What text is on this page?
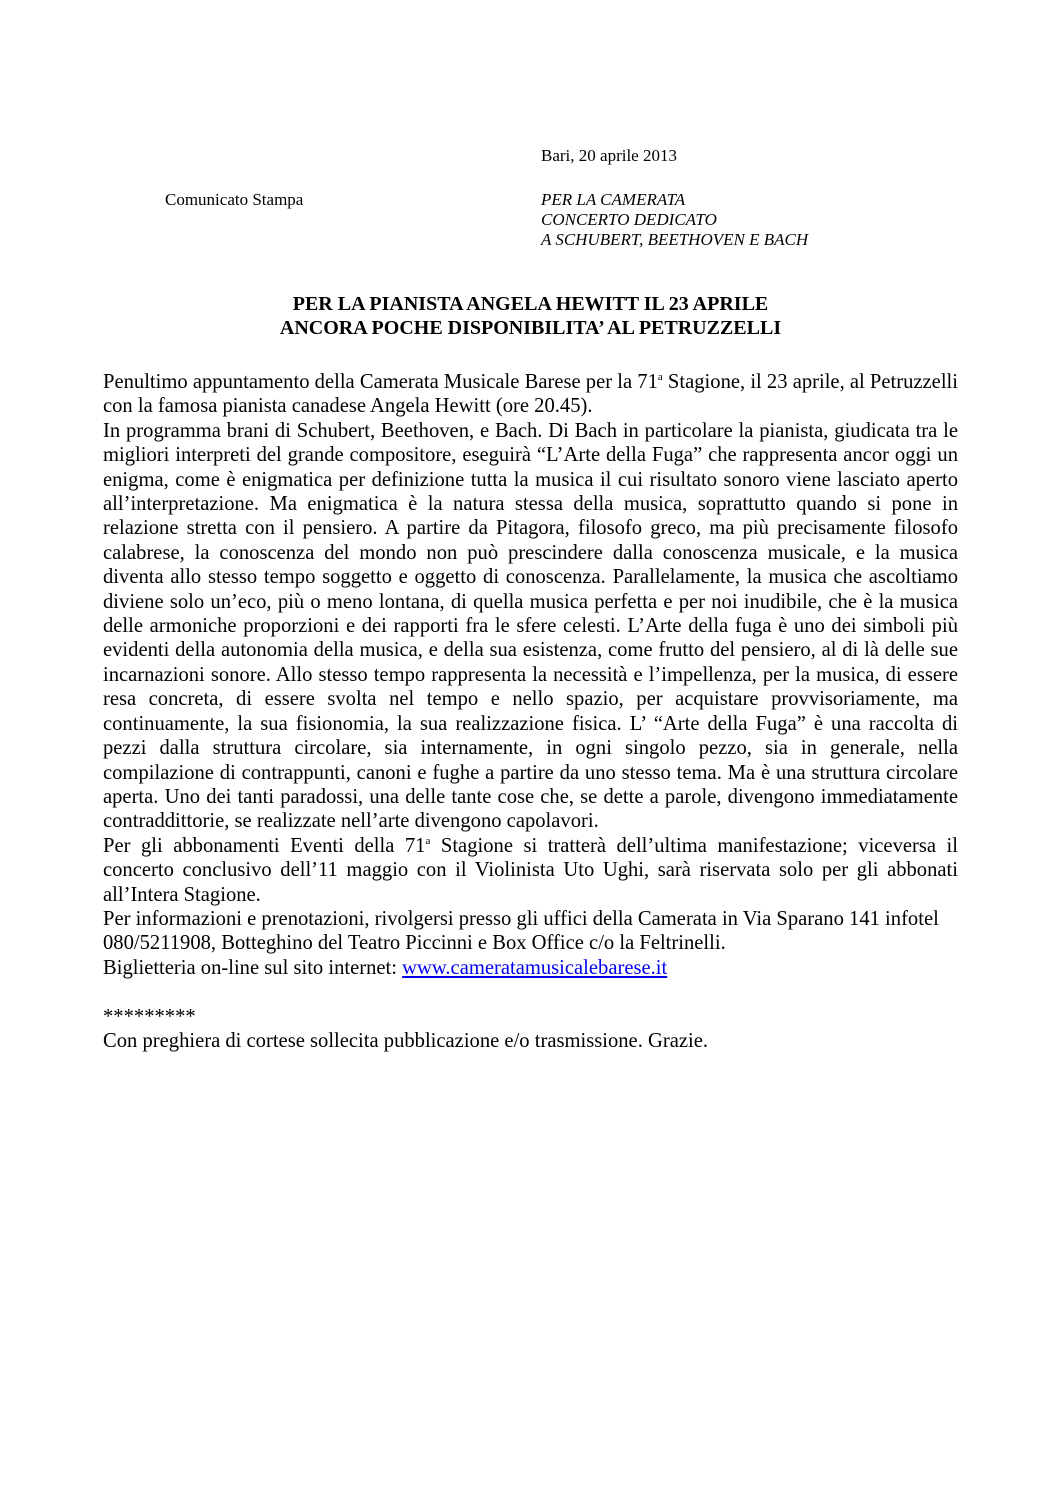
Bari, 20 aprile 2013
Comunicato Stampa	PER LA CAMERATA
CONCERTO DEDICATO
A SCHUBERT, BEETHOVEN E BACH
PER LA PIANISTA ANGELA HEWITT IL 23 APRILE
ANCORA POCHE DISPONIBILITA’ AL PETRUZZELLI

Penultimo appuntamento della Camerata Musicale Barese per la 71$^a$ Stagione, il 23 aprile, al Petruzzelli con la famosa pianista canadese Angela Hewitt (ore 20.45).

In programma brani di Schubert, Beethoven, e Bach. Di Bach in particolare la pianista, giudicata tra le migliori interpreti del grande compositore, eseguirà “L’Arte della Fuga” che rappresenta ancor oggi un enigma, come è enigmatica per definizione tutta la musica il cui risultato sonoro viene lasciato aperto all’interpretazione. Ma enigmatica è la natura stessa della musica, soprattutto quando si pone in relazione stretta con il pensiero. A partire da Pitagora, filosofo greco, ma più precisamente filosofo calabrese, la conoscenza del mondo non può prescindere dalla conoscenza musicale, e la musica diventa allo stesso tempo soggetto e oggetto di conoscenza. Parallelamente, la musica che ascoltiamo diviene solo un’eco, più o meno lontana, di quella musica perfetta e per noi inudibile, che è la musica delle armoniche proporzioni e dei rapporti fra le sfere celesti. L’Arte della fuga è uno dei simboli più evidenti della autonomia della musica, e della sua esistenza, come frutto del pensiero, al di là delle sue incarnazioni sonore. Allo stesso tempo rappresenta la necessità e l’impellenza, per la musica, di essere resa concreta, di essere svolta nel tempo e nello spazio, per acquistare provvisoriamente, ma continuamente, la sua fisionomia, la sua realizzazione fisica. L’ “Arte della Fuga” è una raccolta di pezzi dalla struttura circolare, sia internamente, in ogni singolo pezzo, sia in generale, nella compilazione di contrappunti, canoni e fughe a partire da uno stesso tema. Ma è una struttura circolare aperta. Uno dei tanti paradossi, una delle tante cose che, se dette a parole, divengono immediatamente contraddittorie, se realizzate nell’arte divengono capolavori.

Per gli abbonamenti Eventi della 71$^a$ Stagione si tratterà dell’ultima manifestazione; viceversa il concerto conclusivo dell’11 maggio con il Violinista Uto Ughi, sarà riservata solo per gli abbonati all’Intera Stagione.

Per informazioni e prenotazioni, rivolgersi presso gli uffici della Camerata in Via Sparano 141 infotel 080/5211908, Botteghino del Teatro Piccinni e Box Office c/o la Feltrinelli.

Biglietteria on-line sul sito internet: www.cameratamusicalebarese.it

*********

Con preghiera di cortese sollecita pubblicazione e/o trasmissione. Grazie.
